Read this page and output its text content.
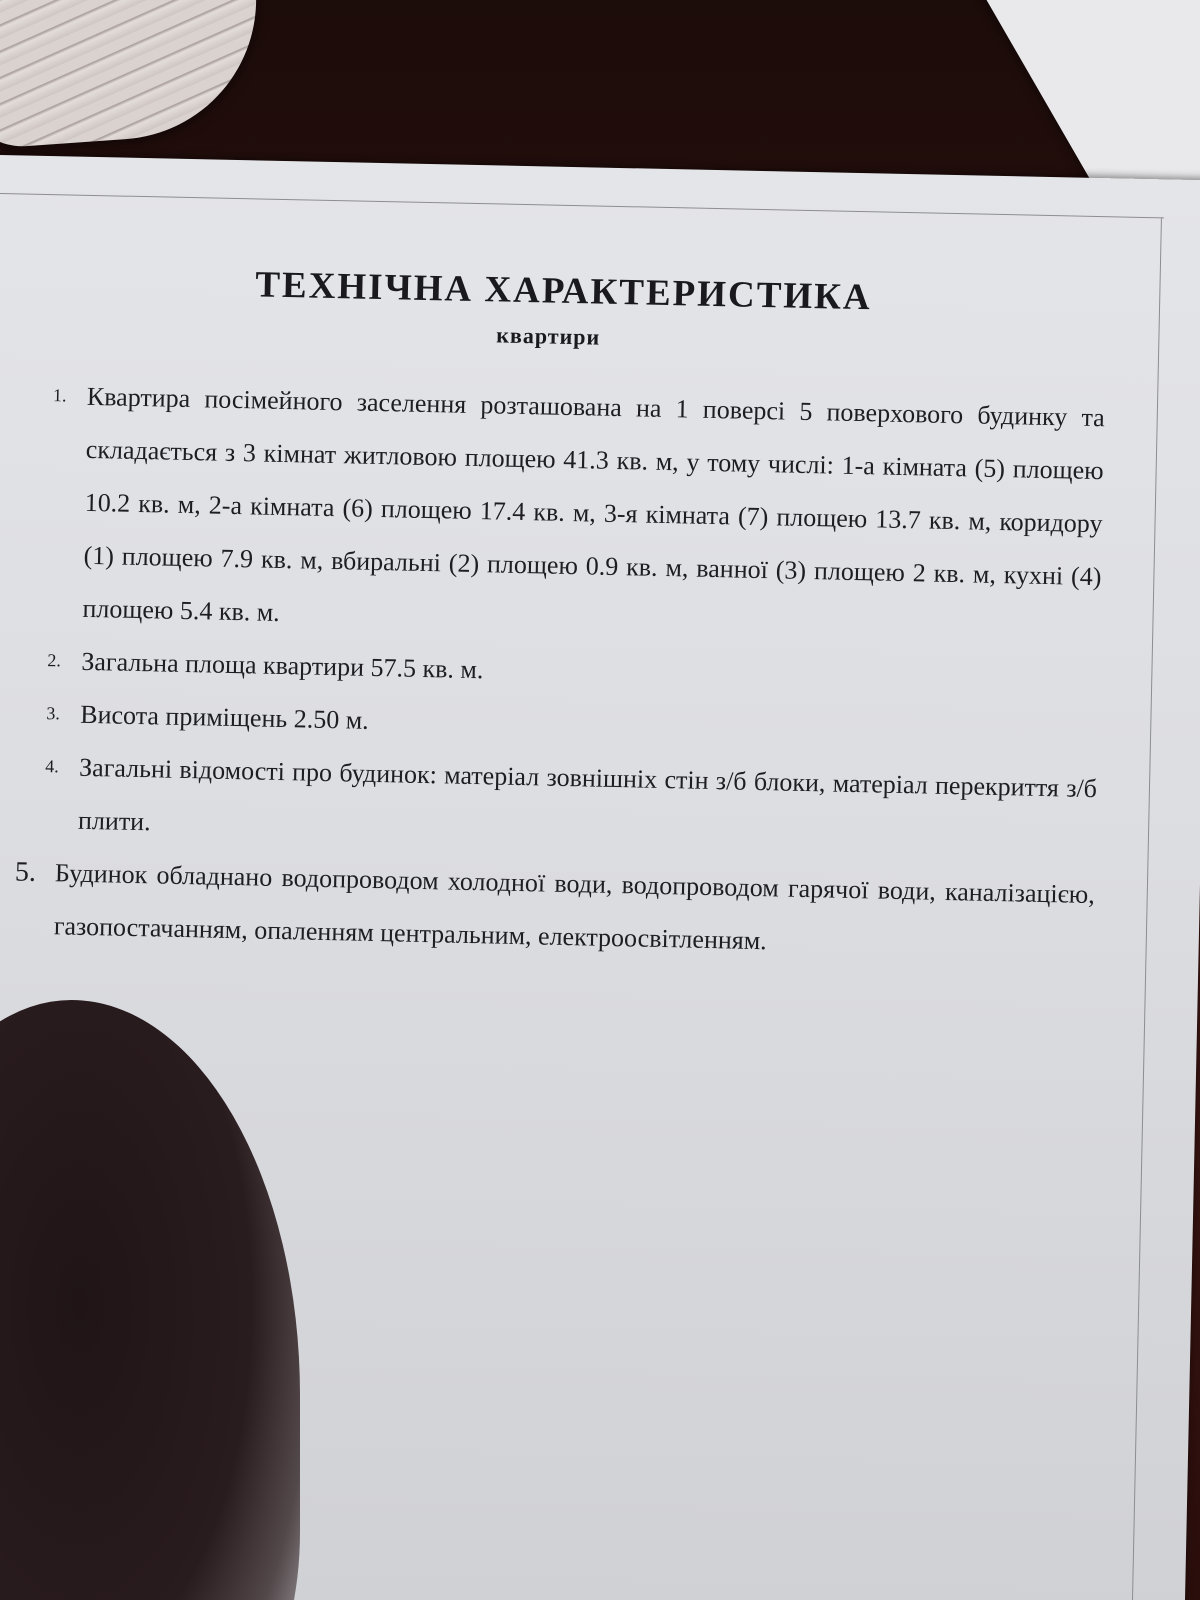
ТЕХНІЧНА ХАРАКТЕРИСТИКА
квартири
1. Квартира посімейного заселення розташована на 1 поверсі 5 поверхового будинку та складається з 3 кімнат житловою площею 41.3 кв. м, у тому числі: 1-а кімната (5) площею 10.2 кв. м, 2-а кімната (6) площею 17.4 кв. м, 3-я кімната (7) площею 13.7 кв. м, коридору (1) площею 7.9 кв. м, вбиральні (2) площею 0.9 кв. м, ванної (3) площею 2 кв. м, кухні (4) площею 5.4 кв. м.
2. Загальна площа квартири 57.5 кв. м.
3. Висота приміщень 2.50 м.
4. Загальні відомості про будинок: матеріал зовнішніх стін з/б блоки, матеріал перекриття з/б плити.
5. Будинок обладнано водопроводом холодної води, водопроводом гарячої води, каналізацією, газопостачанням, опаленням центральним, електроосвітленням.
